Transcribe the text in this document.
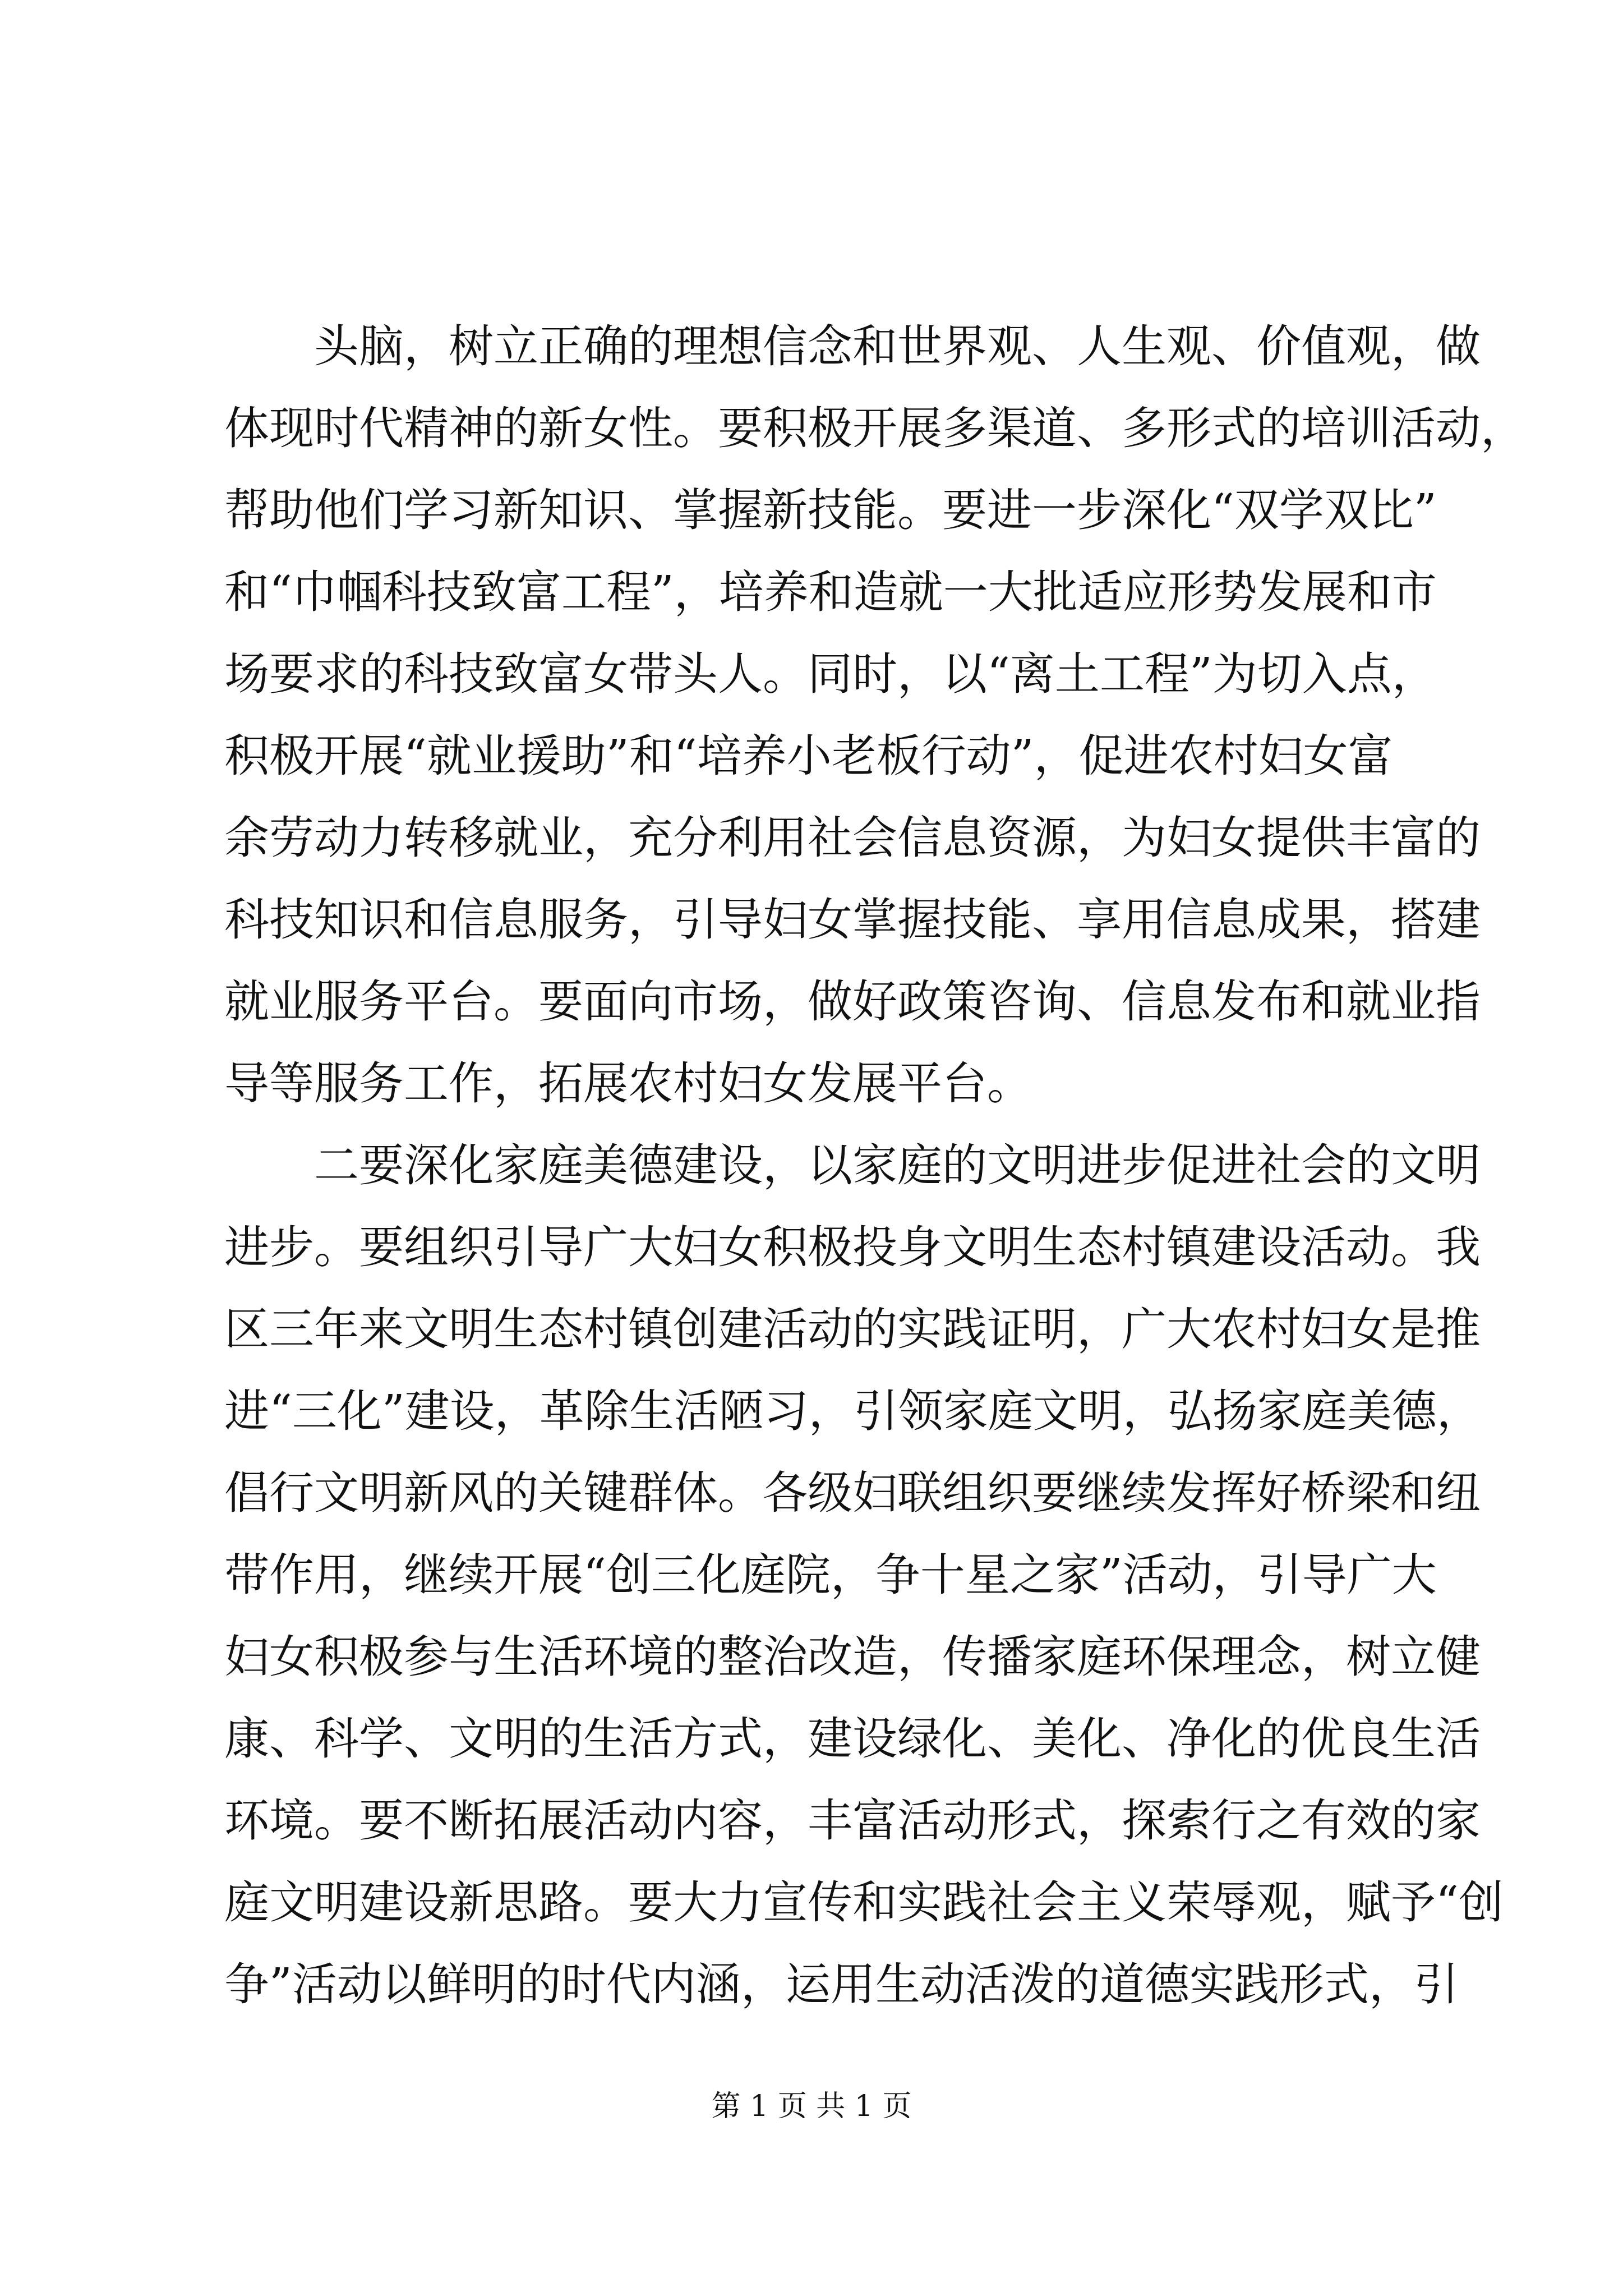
头脑，树立正确的理想信念和世界观、人生观、价值观，做
体现时代精神的新女性。要积极开展多渠道、多形式的培训活动，
帮助他们学习新知识、掌握新技能。要进一步深化“双学双比”
和“巾帼科技致富工程”，培养和造就一大批适应形势发展和市
场要求的科技致富女带头人。同时，以“离土工程”为切入点，
积极开展“就业援助”和“培养小老板行动”，促进农村妇女富
余劳动力转移就业，充分利用社会信息资源，为妇女提供丰富的
科技知识和信息服务，引导妇女掌握技能、享用信息成果，搭建
就业服务平台。要面向市场，做好政策咨询、信息发布和就业指
导等服务工作，拓展农村妇女发展平台。
二要深化家庭美德建设，以家庭的文明进步促进社会的文明
进步。要组织引导广大妇女积极投身文明生态村镇建设活动。我
区三年来文明生态村镇创建活动的实践证明，广大农村妇女是推
进“三化”建设，革除生活陋习，引领家庭文明，弘扬家庭美德，
倡行文明新风的关键群体。各级妇联组织要继续发挥好桥梁和纽
带作用，继续开展“创三化庭院，争十星之家”活动，引导广大
妇女积极参与生活环境的整治改造，传播家庭环保理念，树立健
康、科学、文明的生活方式，建设绿化、美化、净化的优良生活
环境。要不断拓展活动内容，丰富活动形式，探索行之有效的家
庭文明建设新思路。要大力宣传和实践社会主义荣辱观，赋予“创
争”活动以鲜明的时代内涵，运用生动活泼的道德实践形式，引
第 1 页 共 1 页
